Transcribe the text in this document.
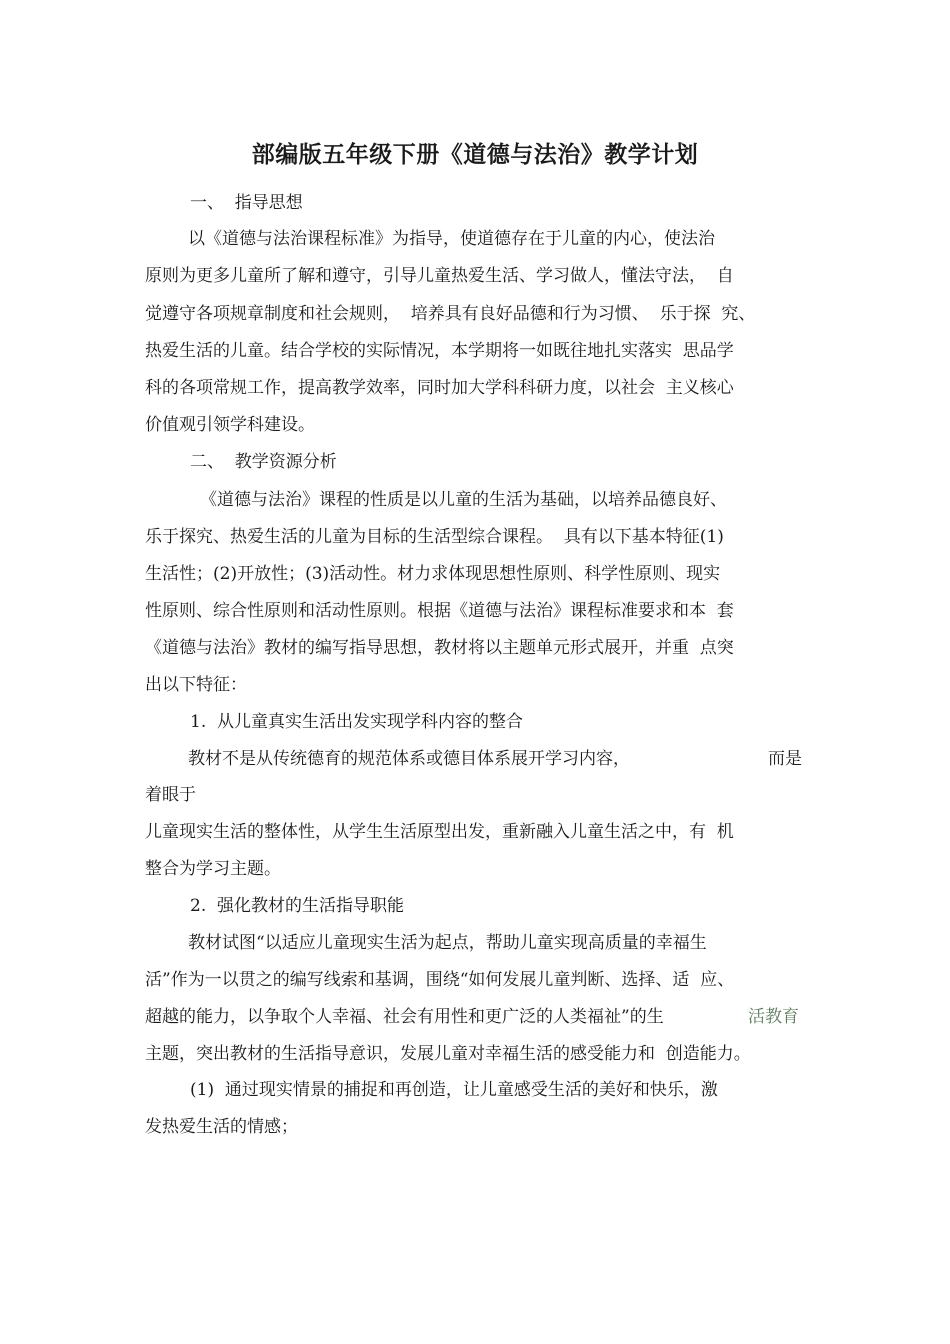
部编版五年级下册《道德与法治》教学计划
一、  指导思想
以《道德与法治课程标准》为指导，使道德存在于儿童的内心，使法治
原则为更多儿童所了解和遵守，引导儿童热爱生活、学习做人，懂法守法，  自
觉遵守各项规章制度和社会规则，  培养具有良好品德和行为习惯、  乐于探  究、
热爱生活的儿童。结合学校的实际情况，本学期将一如既往地扎实落实  思品学
科的各项常规工作，提高教学效率，同时加大学科科研力度，以社会  主义核心
价值观引领学科建设。
二、  教学资源分析
《道德与法治》课程的性质是以儿童的生活为基础，以培养品德良好、
乐于探究、热爱生活的儿童为目标的生活型综合课程。  具有以下基本特征(1)
生活性；(2)开放性；(3)活动性。材力求体现思想性原则、科学性原则、现实
性原则、综合性原则和活动性原则。根据《道德与法治》课程标准要求和本  套
《道德与法治》教材的编写指导思想，教材将以主题单元形式展开，并重  点突
出以下特征：
1.  从儿童真实生活出发实现学科内容的整合
教材不是从传统德育的规范体系或德目体系展开学习内容，	而是
着眼于
儿童现实生活的整体性，从学生生活原型出发，重新融入儿童生活之中，有  机
整合为学习主题。
2.  强化教材的生活指导职能
教材试图“以适应儿童现实生活为起点，帮助儿童实现高质量的幸福生
活”作为一以贯之的编写线索和基调，围绕“如何发展儿童判断、选择、适  应、
超越的能力，以争取个人幸福、社会有用性和更广泛的人类福祉”的生	活教育
主题，突出教材的生活指导意识，发展儿童对幸福生活的感受能力和  创造能力。
(1)  通过现实情景的捕捉和再创造，让儿童感受生活的美好和快乐，激
发热爱生活的情感；
